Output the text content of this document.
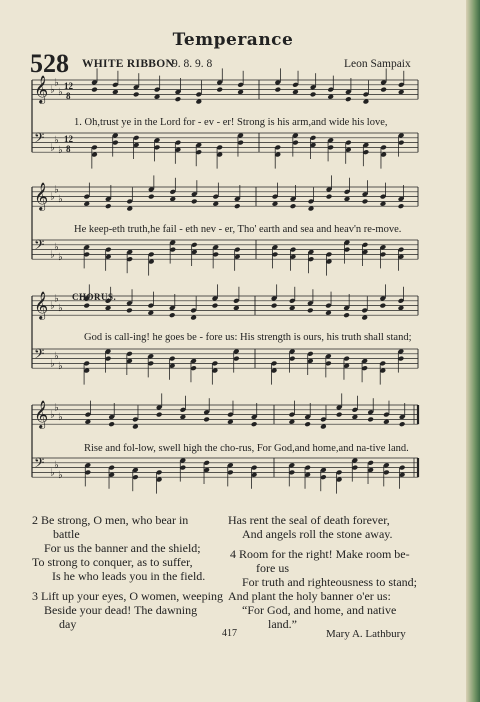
Temperance
528 WHITE RIBBON
9. 8. 9. 8	Leon Sampaix
𝄞 ♭
♭
♭
12
8
𝄢 ♭
♭
♭
12
8
𝄞 ♭
♭
♭
𝄢 ♭
♭
♭
𝄞 ♭
♭
♭
𝄢 ♭
♭
♭
𝄞 ♭
♭
♭
𝄢 ♭
♭
♭
CHORUS.
1. Oh,trust ye in the Lord for - ev - er! Strong is his arm,and wide his love,
He keep-eth truth,he fail - eth nev - er, Tho' earth and sea and heav'n re-move.
God is call-ing! he goes be - fore us: His strength is ours, his truth shall stand;
Rise and fol-low, swell high the cho-rus, For God,and home,and na-tive land.
2 Be strong, O men, who bear in
battle
For us the banner and the shield;
To strong to conquer, as to suffer,
Is he who leads you in the field.
3 Lift up your eyes, O women, weeping
Beside your dead! The dawning
day
Has rent the seal of death forever,
And angels roll the stone away.
4 Room for the right! Make room be-
fore us
For truth and righteousness to stand;
And plant the holy banner o'er us:
“For God, and home, and native
land.”
417	Mary A. Lathbury
